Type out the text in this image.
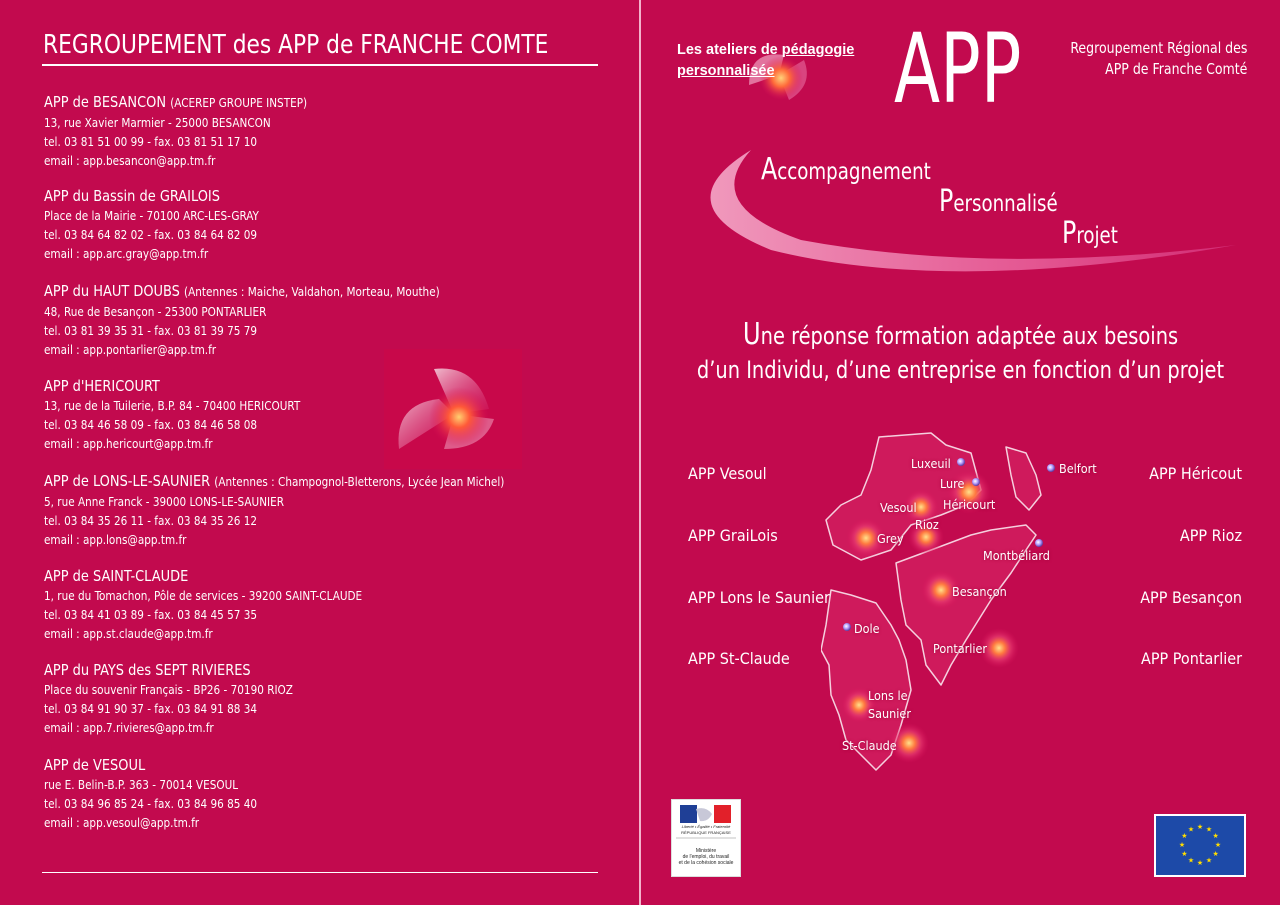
REGROUPEMENT des APP de FRANCHE COMTE
APP de BESANCON (ACEREP GROUPE INSTEP)
13, rue Xavier Marmier - 25000 BESANCON
tel. 03 81 51 00 99 - fax. 03 81 51 17 10
email : app.besancon@app.tm.fr
APP du Bassin de GRAILOIS
Place de la Mairie - 70100 ARC-LES-GRAY
tel. 03 84 64 82 02 - fax. 03 84 64 82 09
email : app.arc.gray@app.tm.fr
APP du HAUT DOUBS (Antennes : Maiche, Valdahon, Morteau, Mouthe)
48, Rue de Besançon - 25300 PONTARLIER
tel. 03 81 39 35 31 - fax. 03 81 39 75 79
email : app.pontarlier@app.tm.fr
APP d'HERICOURT
13, rue de la Tuilerie, B.P. 84 - 70400 HERICOURT
tel. 03 84 46 58 09 - fax. 03 84 46 58 08
email : app.hericourt@app.tm.fr
APP de LONS-LE-SAUNIER (Antennes : Champognol-Bletterons, Lycée Jean Michel)
5, rue Anne Franck - 39000 LONS-LE-SAUNIER
tel. 03 84 35 26 11 - fax. 03 84 35 26 12
email : app.lons@app.tm.fr
APP de SAINT-CLAUDE
1, rue du Tomachon, Pôle de services - 39200 SAINT-CLAUDE
tel. 03 84 41 03 89 - fax. 03 84 45 57 35
email : app.st.claude@app.tm.fr
APP du PAYS des SEPT RIVIERES
Place du souvenir Français - BP26 - 70190 RIOZ
tel. 03 84 91 90 37 - fax. 03 84 91 88 34
email : app.7.rivieres@app.tm.fr
APP de VESOUL
rue E. Belin-B.P. 363 - 70014 VESOUL
tel. 03 84 96 85 24 - fax. 03 84 96 85 40
email : app.vesoul@app.tm.fr
Les ateliers de pédagogie
personnalisée	APP	Regroupement Régional des
APP de Franche Comté
Accompagnement
Personnalisé
Projet
Une réponse formation adaptée aux besoins
d’un Individu, d’une entreprise en fonction d’un projet
APP Vesoul
APP GraiLois
APP Lons le Saunier
APP St-Claude
APP Héricout
APP Rioz
APP Besançon
APP Pontarlier
Luxeuil
Lure
Belfort
Vesoul Héricourt
Rioz
Grey
Montbéliard
Besançon
Dole
Pontarlier
Lons le
Saunier
St-Claude
Liberté • Égalité • Fraternité
RÉPUBLIQUE FRANÇAISE
Ministère
de l'emploi, du travail
et de la cohésion sociale
★ ★
★
★
★
★
★
★
★
★
★
★
